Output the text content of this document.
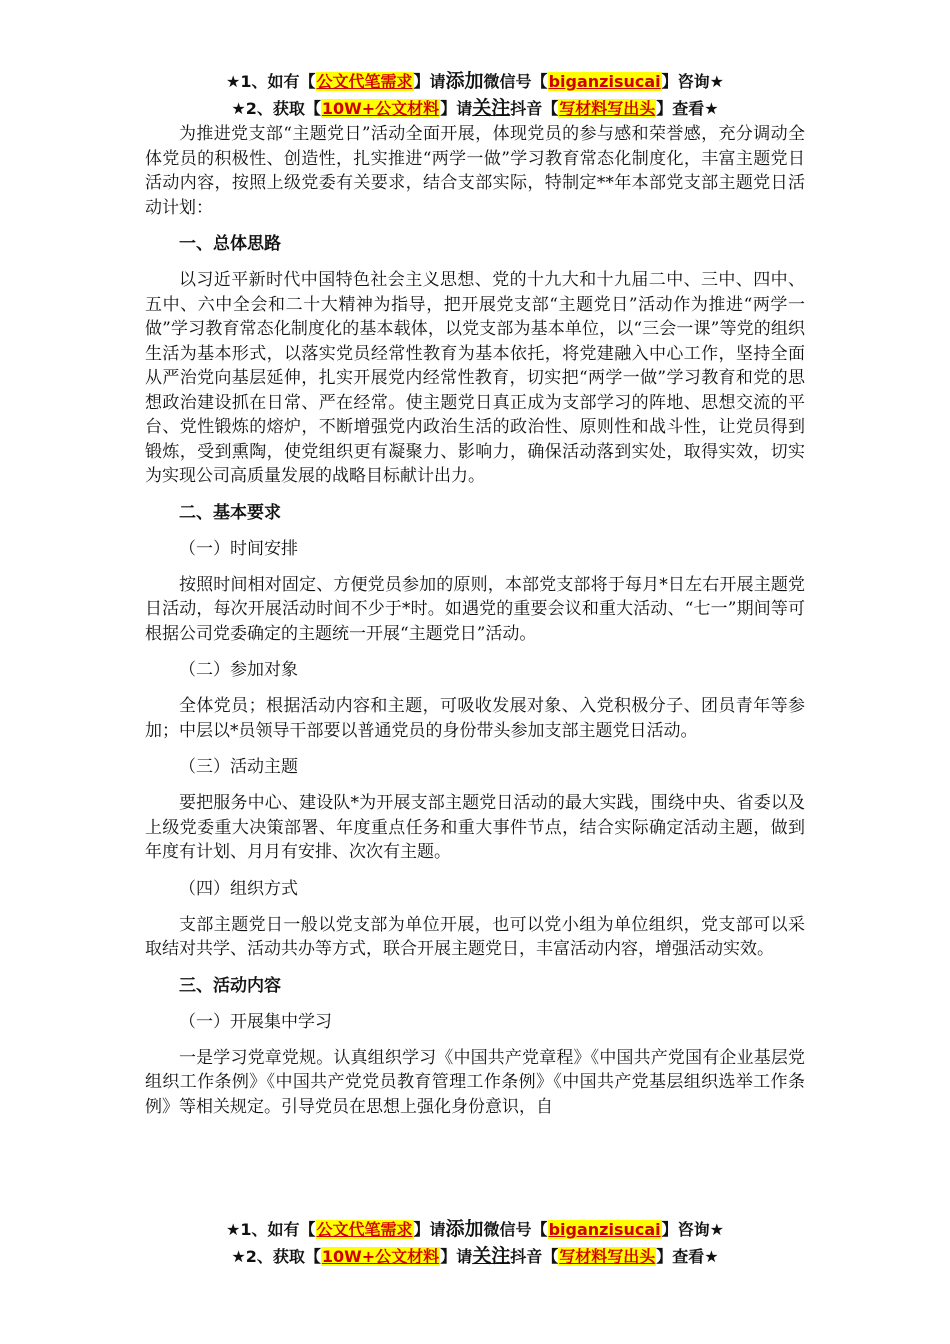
★1、如有【公文代笔需求】请添加微信号【biganzisucai】咨询★
★2、获取【10W+公文材料】请关注抖音【写材料写出头】查看★

为推进党支部“主题党日”活动全面开展，体现党员的参与感和荣誉感，充分调动全体党员的积极性、创造性，扎实推进“两学一做”学习教育常态化制度化，丰富主题党日活动内容，按照上级党委有关要求，结合支部实际，特制定**年本部党支部主题党日活动计划：

一、总体思路

以习近平新时代中国特色社会主义思想、党的十九大和十九届二中、三中、四中、五中、六中全会和二十大精神为指导，把开展党支部“主题党日”活动作为推进“两学一做”学习教育常态化制度化的基本载体，以党支部为基本单位，以“三会一课”等党的组织生活为基本形式，以落实党员经常性教育为基本依托，将党建融入中心工作，坚持全面从严治党向基层延伸，扎实开展党内经常性教育，切实把“两学一做”学习教育和党的思想政治建设抓在日常、严在经常。使主题党日真正成为支部学习的阵地、思想交流的平台、党性锻炼的熔炉，不断增强党内政治生活的政治性、原则性和战斗性，让党员得到锻炼，受到熏陶，使党组织更有凝聚力、影响力，确保活动落到实处，取得实效，切实为实现公司高质量发展的战略目标献计出力。

二、基本要求
（一）时间安排

按照时间相对固定、方便党员参加的原则，本部党支部将于每月*日左右开展主题党日活动，每次开展活动时间不少于*时。如遇党的重要会议和重大活动、“七一”期间等可根据公司党委确定的主题统一开展“主题党日”活动。

（二）参加对象

全体党员；根据活动内容和主题，可吸收发展对象、入党积极分子、团员青年等参加；中层以*员领导干部要以普通党员的身份带头参加支部主题党日活动。

（三）活动主题

要把服务中心、建设队*为开展支部主题党日活动的最大实践，围绕中央、省委以及上级党委重大决策部署、年度重点任务和重大事件节点，结合实际确定活动主题，做到年度有计划、月月有安排、次次有主题。

（四）组织方式

支部主题党日一般以党支部为单位开展，也可以党小组为单位组织，党支部可以采取结对共学、活动共办等方式，联合开展主题党日，丰富活动内容，增强活动实效。

三、活动内容
（一）开展集中学习

一是学习党章党规。认真组织学习《中国共产党章程》《中国共产党国有企业基层党组织工作条例》《中国共产党党员教育管理工作条例》《中国共产党基层组织选举工作条例》等相关规定。引导党员在思想上强化身份意识，自

★1、如有【公文代笔需求】请添加微信号【biganzisucai】咨询★
★2、获取【10W+公文材料】请关注抖音【写材料写出头】查看★
